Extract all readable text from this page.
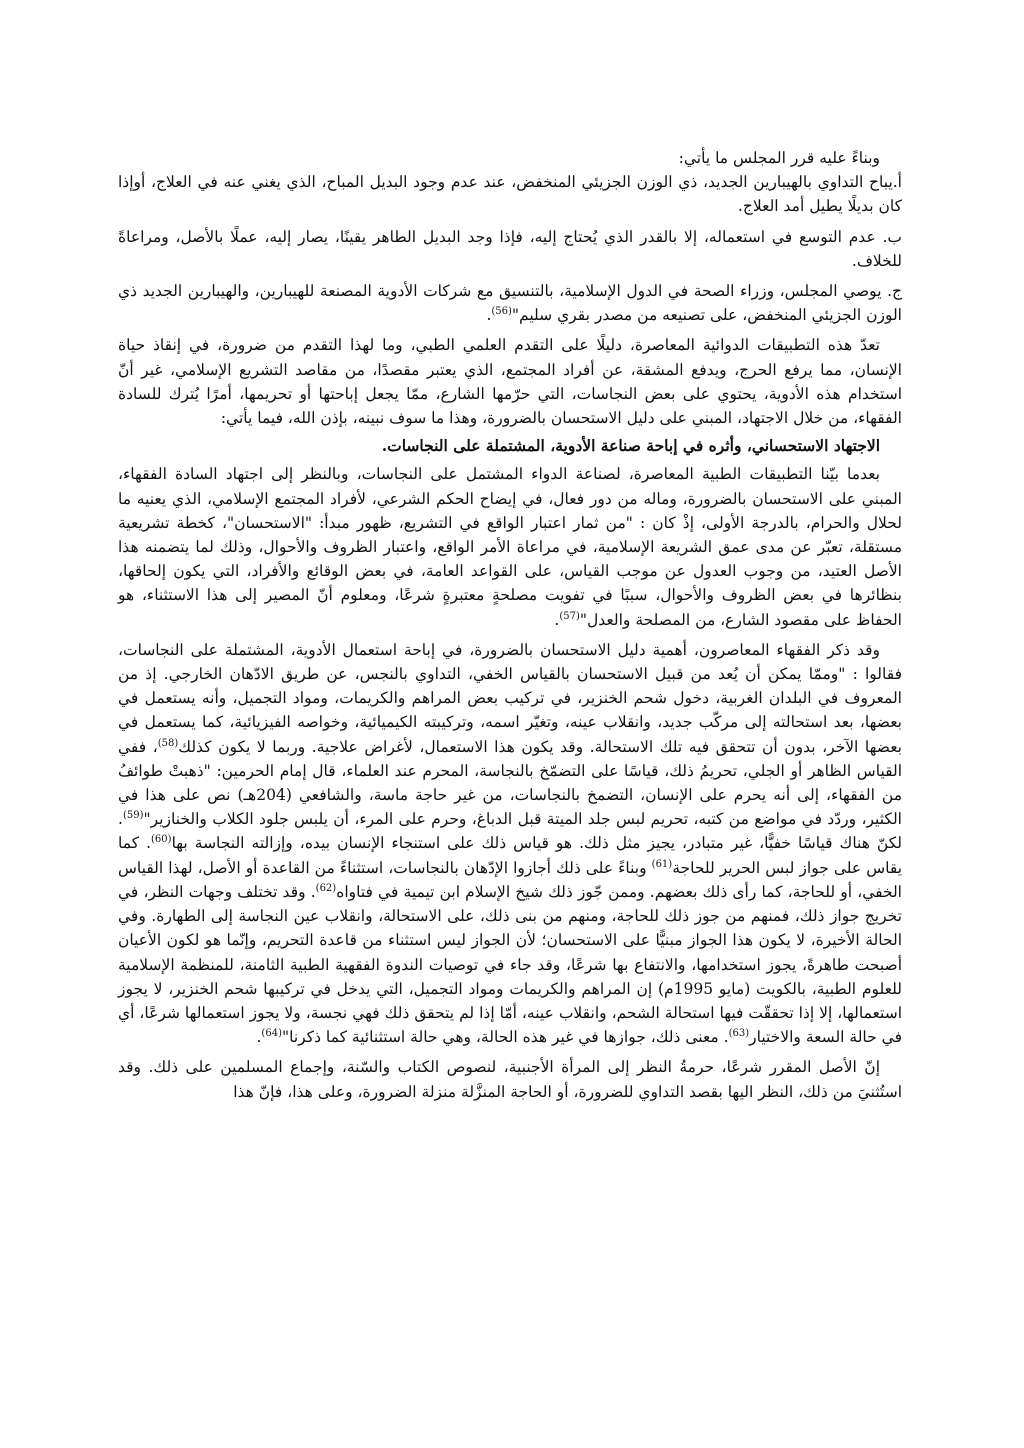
وبناءً عليه قرر المجلس ما يأتي:

أ.يباح التداوي بالهيبارين الجديد، ذي الوزن الجزيئي المنخفض، عند عدم وجود البديل المباح، الذي يغني عنه في العلاج، أوإذا كان بديلًا يطيل أمد العلاج.

ب. عدم التوسع في استعماله، إلا بالقدر الذي يُحتاج إليه، فإذا وجد البديل الطاهر يقينًا، يصار إليه، عملًا بالأصل، ومراعاةً للخلاف.

ج. يوصي المجلس، وزراء الصحة في الدول الإسلامية، بالتنسيق مع شركات الأدوية المصنعة للهيبارين، والهيبارين الجديد ذي الوزن الجزيئي المنخفض، على تصنيعه من مصدر بقري سليم"$^{(56)}$.

تعدّ هذه التطبيقات الدوائية المعاصرة، دليلًا على التقدم العلمي الطبي، وما لهذا التقدم من ضرورة، في إنقاذ حياة الإنسان، مما يرفع الحرج، ويدفع المشقة، عن أفراد المجتمع، الذي يعتبر مقصدًا، من مقاصد التشريع الإسلامي، غير أنّ استخدام هذه الأدوية، يحتوي على بعض النجاسات، التي حرّمها الشارع، ممّا يجعل إباحتها أو تحريمها، أمرًا يُترك للسادة الفقهاء، من خلال الاجتهاد، المبني على دليل الاستحسان بالضرورة، وهذا ما سوف نبينه، بإذن الله، فيما يأتي:

الاجتهاد الاستحساني، وأثره في إباحة صناعة الأدوية، المشتملة على النجاسات.

بعدما بيّنا التطبيقات الطبية المعاصرة، لصناعة الدواء المشتمل على النجاسات، وبالنظر إلى اجتهاد السادة الفقهاء، المبني على الاستحسان بالضرورة، وماله من دور فعال، في إيضاح الحكم الشرعي، لأفراد المجتمع الإسلامي، الذي يعنيه ما لحلال والحرام، بالدرجة الأولى، إذْ كان : "من ثمار اعتبار الواقع في التشريع، ظهور مبدأ: "الاستحسان"، كخطة تشريعية مستقلة، تعبّر عن مدى عمق الشريعة الإسلامية، في مراعاة الأمر الواقع، واعتبار الظروف والأحوال، وذلك لما يتضمنه هذا الأصل العتيد، من وجوب العدول عن موجب القياس، على القواعد العامة، في بعض الوقائع والأفراد، التي يكون إلحاقها، بنظائرها في بعض الظروف والأحوال، سببًا في تفويت مصلحةٍ معتبرةٍ شرعًا، ومعلوم أنّ المصير إلى هذا الاستثناء، هو الحفاظ على مقصود الشارع، من المصلحة والعدل"$^{(57)}$.

وقد ذكر الفقهاء المعاصرون، أهمية دليل الاستحسان بالضرورة، في إباحة استعمال الأدوية، المشتملة على النجاسات، فقالوا : "وممّا يمكن أن يُعد من قبيل الاستحسان بالقياس الخفي، التداوي بالنجس، عن طريق الادّهان الخارجي. إذ من المعروف في البلدان الغربية، دخول شحم الخنزير، في تركيب بعض المراهم والكريمات، ومواد التجميل، وأنه يستعمل في بعضها، بعد استحالته إلى مركّب جديد، وانقلاب عينه، وتغيّر اسمه، وتركيبته الكيميائية، وخواصه الفيزيائية، كما يستعمل في بعضها الآخر، بدون أن تتحقق فيه تلك الاستحالة. وقد يكون هذا الاستعمال، لأغراض علاجية. وربما لا يكون كذلك$^{(58)}$، ففي القياس الظاهر أو الجلي، تحريمُ ذلك، قياسًا على التضمّخ بالنجاسة، المحرم عند العلماء، قال إمام الحرمين: "ذهبتْ طوائفُ من الفقهاء، إلى أنه يحرم على الإنسان، التضمخ بالنجاسات، من غير حاجة ماسة، والشافعي (204هـ) نص على هذا في الكثير، وردّد في مواضع من كتبه، تحريم لبس جلد الميتة قبل الدباغ، وحرم على المرء، أن يلبس جلود الكلاب والخنازير"$^{(59)}$. لكنّ هناك قياسًا خفيًّا، غير متبادر، يجيز مثل ذلك. هو قياس ذلك على استنجاء الإنسان بيده، وإزالته النجاسة بها$^{(60)}$. كما يقاس على جواز لبس الحرير للحاجة$^{(61)}$ وبناءً على ذلك أجازوا الإدّهان بالنجاسات، استثناءً من القاعدة أو الأصل، لهذا القياس الخفي، أو للحاجة، كما رأى ذلك بعضهم. وممن جّوز ذلك شيخ الإسلام ابن تيمية في فتاواه$^{(62)}$. وقد تختلف وجهات النظر، في تخريج جواز ذلك، فمنهم من جوز ذلك للحاجة، ومنهم من بنى ذلك، على الاستحالة، وانقلاب عين النجاسة إلى الطهارة. وفي الحالة الأخيرة، لا يكون هذا الجواز مبنيًّا على الاستحسان؛ لأن الجواز ليس استثناء من قاعدة التحريم، وإنّما هو لكون الأعيان أصبحت طاهرةً، يجوز استخدامها، والانتفاع بها شرعًا، وقد جاء في توصيات الندوة الفقهية الطبية الثامنة، للمنظمة الإسلامية للعلوم الطبية، بالكويت (مايو 1995م) إن المراهم والكريمات ومواد التجميل، التي يدخل في تركيبها شحم الخنزير، لا يجوز استعمالها، إلا إذا تحققّت فيها استحالة الشحم، وانقلاب عينه، أمّا إذا لم يتحقق ذلك فهي نجسة، ولا يجوز استعمالها شرعًا، أي في حالة السعة والاختيار$^{(63)}$. معنى ذلك، جوازها في غير هذه الحالة، وهي حالة استثنائية كما ذكرنا"$^{(64)}$.

إنّ الأصل المقرر شرعًا، حرمةُ النظر إلى المرأة الأجنبية، لنصوص الكتاب والسّنة، وإجماع المسلمين على ذلك. وقد استُثنيَ من ذلك، النظر اليها بقصد التداوي للضرورة، أو الحاجة المنزَّلة منزلة الضرورة، وعلى هذا، فإنّ هذا
